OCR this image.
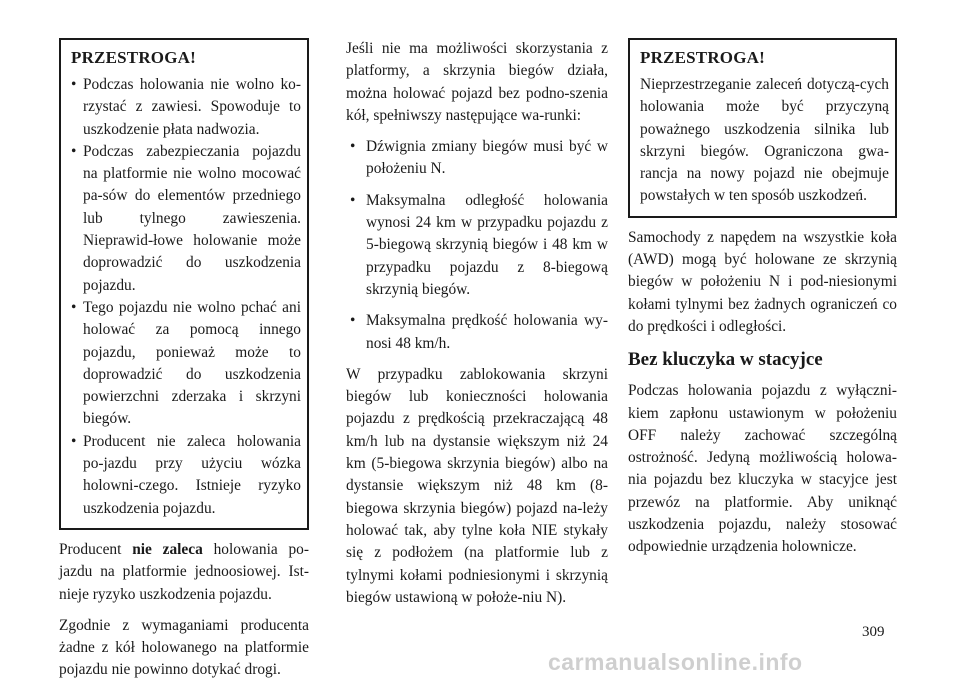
PRZESTROGA!
• Podczas holowania nie wolno ko-rzystać z zawiesi. Spowoduje to uszkodzenie płata nadwozia.
• Podczas zabezpieczania pojazdu na platformie nie wolno mocować pa-sów do elementów przedniego lub tylnego zawieszenia. Nieprawid-łowe holowanie może doprowadzić do uszkodzenia pojazdu.
• Tego pojazdu nie wolno pchać ani holować za pomocą innego pojazdu, ponieważ może to doprowadzić do uszkodzenia powierzchni zderzaka i skrzyni biegów.
• Producent nie zaleca holowania po-jazdu przy użyciu wózka holowni-czego. Istnieje ryzyko uszkodzenia pojazdu.

Producent nie zaleca holowania po-jazdu na platformie jednoosiowej. Ist-nieje ryzyko uszkodzenia pojazdu.

Zgodnie z wymaganiami producenta żadne z kół holowanego na platformie pojazdu nie powinno dotykać drogi.

Jeśli nie ma możliwości skorzystania z platformy, a skrzynia biegów działa, można holować pojazd bez podno-szenia kół, spełniwszy następujące wa-runki:

• Dźwignia zmiany biegów musi być w położeniu N.
• Maksymalna odległość holowania wynosi 24 km w przypadku pojazdu z 5-biegową skrzynią biegów i 48 km w przypadku pojazdu z 8-biegową skrzynią biegów.
• Maksymalna prędkość holowania wy-nosi 48 km/h.

W przypadku zablokowania skrzyni biegów lub konieczności holowania pojazdu z prędkością przekraczającą 48 km/h lub na dystansie większym niż 24 km (5-biegowa skrzynia biegów) albo na dystansie większym niż 48 km (8-biegowa skrzynia biegów) pojazd na-leży holować tak, aby tylne koła NIE stykały się z podłożem (na platformie lub z tylnymi kołami podniesionymi i skrzynią biegów ustawioną w położe-niu N).

PRZESTROGA!

Nieprzestrzeganie zaleceń dotyczą-cych holowania może być przyczyną poważnego uszkodzenia silnika lub skrzyni biegów. Ograniczona gwa-rancja na nowy pojazd nie obejmuje powstałych w ten sposób uszkodzeń.

Samochody z napędem na wszystkie koła (AWD) mogą być holowane ze skrzynią biegów w położeniu N i pod-niesionymi kołami tylnymi bez żadnych ograniczeń co do prędkości i odległości.

Bez kluczyka w stacyjce

Podczas holowania pojazdu z wyłączni-kiem zapłonu ustawionym w położeniu OFF należy zachować szczególną ostrożność. Jedyną możliwością holowa-nia pojazdu bez kluczyka w stacyjce jest przewóz na platformie. Aby uniknąć uszkodzenia pojazdu, należy stosować odpowiednie urządzenia holownicze.

309
carmanualsonline.info
